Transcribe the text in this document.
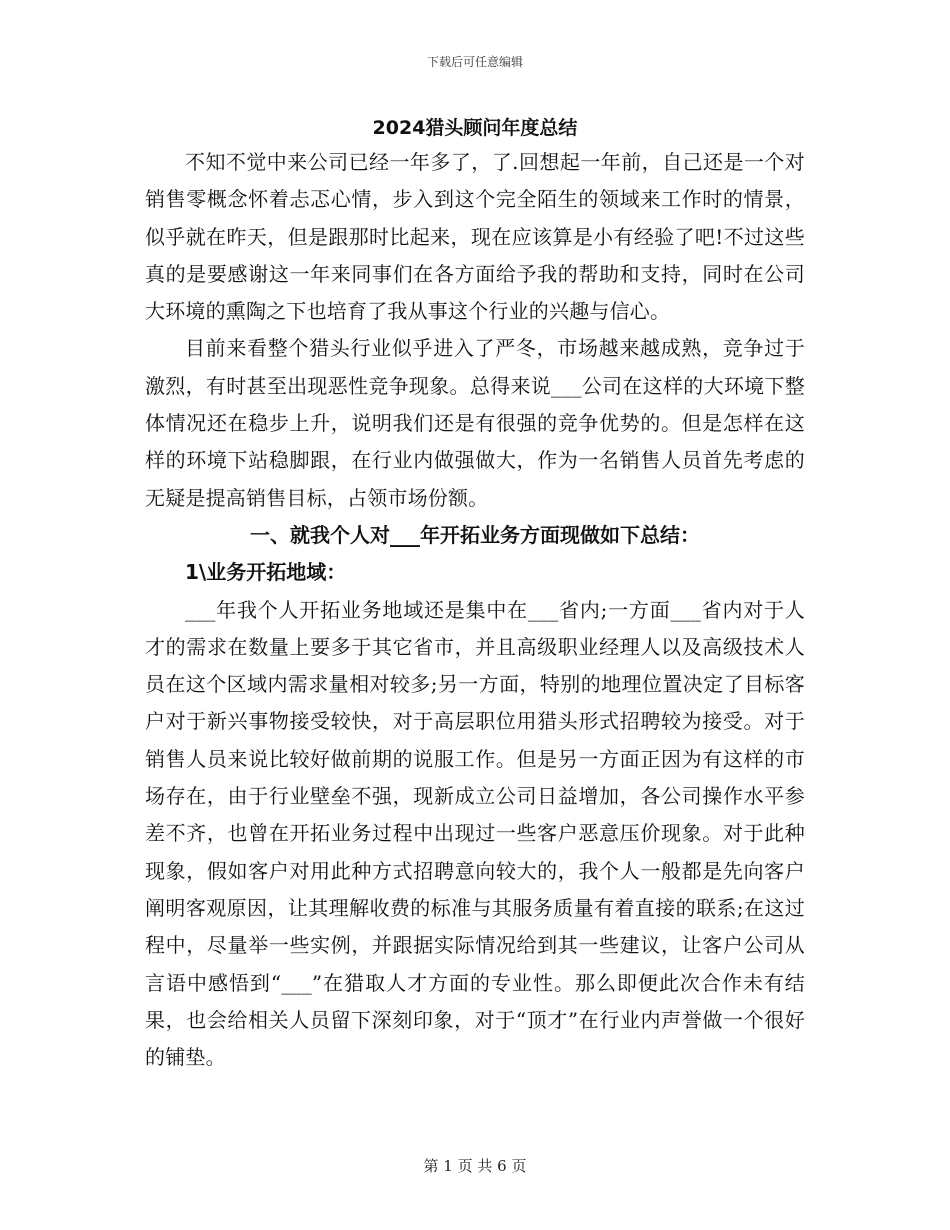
下载后可任意编辑
2024猎头顾问年度总结

不知不觉中来公司已经一年多了，了.回想起一年前，自己还是一个对销售零概念怀着忐忑心情，步入到这个完全陌生的领域来工作时的情景，似乎就在昨天，但是跟那时比起来，现在应该算是小有经验了吧!不过这些真的是要感谢这一年来同事们在各方面给予我的帮助和支持，同时在公司大环境的熏陶之下也培育了我从事这个行业的兴趣与信心。

目前来看整个猎头行业似乎进入了严冬，市场越来越成熟，竞争过于激烈，有时甚至出现恶性竞争现象。总得来说___公司在这样的大环境下整体情况还在稳步上升，说明我们还是有很强的竞争优势的。但是怎样在这样的环境下站稳脚跟，在行业内做强做大，作为一名销售人员首先考虑的无疑是提高销售目标，占领市场份额。

一、就我个人对___年开拓业务方面现做如下总结：
1\业务开拓地域：

___年我个人开拓业务地域还是集中在___省内;一方面___省内对于人才的需求在数量上要多于其它省市，并且高级职业经理人以及高级技术人员在这个区域内需求量相对较多;另一方面，特别的地理位置决定了目标客户对于新兴事物接受较快，对于高层职位用猎头形式招聘较为接受。对于销售人员来说比较好做前期的说服工作。但是另一方面正因为有这样的市场存在，由于行业壁垒不强，现新成立公司日益增加，各公司操作水平参差不齐，也曾在开拓业务过程中出现过一些客户恶意压价现象。对于此种现象，假如客户对用此种方式招聘意向较大的，我个人一般都是先向客户阐明客观原因，让其理解收费的标准与其服务质量有着直接的联系;在这过程中，尽量举一些实例，并跟据实际情况给到其一些建议，让客户公司从言语中感悟到“___”在猎取人才方面的专业性。那么即便此次合作未有结果，也会给相关人员留下深刻印象，对于“顶才”在行业内声誉做一个很好的铺垫。

第 1 页 共 6 页
